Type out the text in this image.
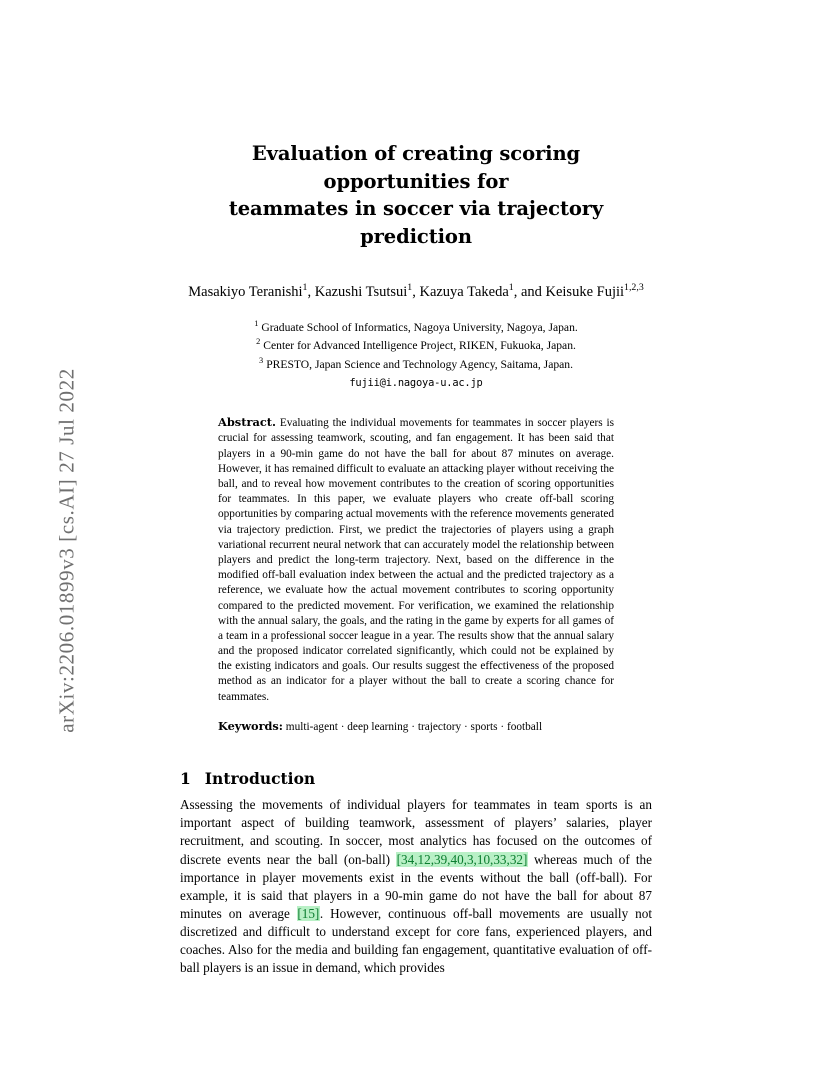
arXiv:2206.01899v3 [cs.AI] 27 Jul 2022
Evaluation of creating scoring opportunities for
teammates in soccer via trajectory prediction
Masakiyo Teranishi$^1$, Kazushi Tsutsui$^1$, Kazuya Takeda$^1$, and Keisuke Fujii$^{1,2,3}$
$^1$ Graduate School of Informatics, Nagoya University, Nagoya, Japan.
$^2$ Center for Advanced Intelligence Project, RIKEN, Fukuoka, Japan.
$^3$ PRESTO, Japan Science and Technology Agency, Saitama, Japan.
fujii@i.nagoya-u.ac.jp
Abstract. Evaluating the individual movements for teammates in soccer players is crucial for assessing teamwork, scouting, and fan engagement. It has been said that players in a 90-min game do not have the ball for about 87 minutes on average. However, it has remained difficult to evaluate an attacking player without receiving the ball, and to reveal how movement contributes to the creation of scoring opportunities for teammates. In this paper, we evaluate players who create off-ball scoring opportunities by comparing actual movements with the reference movements generated via trajectory prediction. First, we predict the trajectories of players using a graph variational recurrent neural network that can accurately model the relationship between players and predict the long-term trajectory. Next, based on the difference in the modified off-ball evaluation index between the actual and the predicted trajectory as a reference, we evaluate how the actual movement contributes to scoring opportunity compared to the predicted movement. For verification, we examined the relationship with the annual salary, the goals, and the rating in the game by experts for all games of a team in a professional soccer league in a year. The results show that the annual salary and the proposed indicator correlated significantly, which could not be explained by the existing indicators and goals. Our results suggest the effectiveness of the proposed method as an indicator for a player without the ball to create a scoring chance for teammates.
Keywords: multi-agent · deep learning · trajectory · sports · football
1 Introduction

Assessing the movements of individual players for teammates in team sports is an important aspect of building teamwork, assessment of players’ salaries, player recruitment, and scouting. In soccer, most analytics has focused on the outcomes of discrete events near the ball (on-ball) [34,12,39,40,3,10,33,32] whereas much of the importance in player movements exist in the events without the ball (off-ball). For example, it is said that players in a 90-min game do not have the ball for about 87 minutes on average [15]. However, continuous off-ball movements are usually not discretized and difficult to understand except for core fans, experienced players, and coaches. Also for the media and building fan engagement, quantitative evaluation of off-ball players is an issue in demand, which provides
